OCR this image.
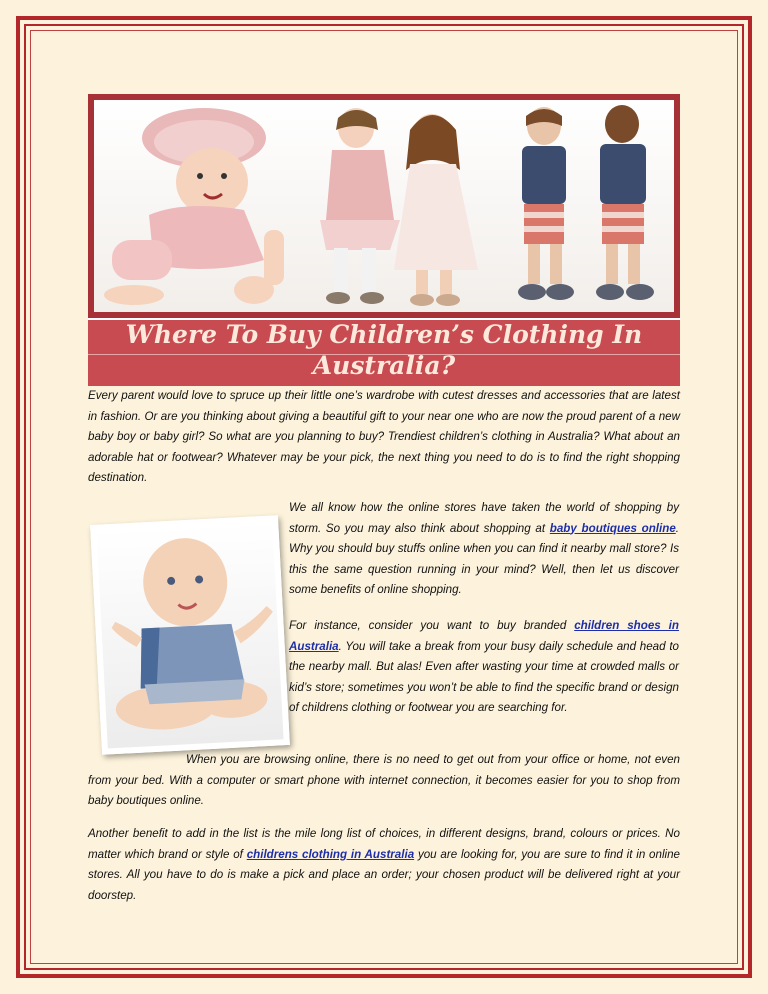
Where To Buy Children’s Clothing In Australia?

Every parent would love to spruce up their little one’s wardrobe with cutest dresses and accessories that are latest in fashion. Or are you thinking about giving a beautiful gift to your near one who are now the proud parent of a new baby boy or baby girl? So what are you planning to buy? Trendiest children’s clothing in Australia? What about an adorable hat or footwear? Whatever may be your pick, the next thing you need to do is to find the right shopping destination.

We all know how the online stores have taken the world of shopping by storm. So you may also think about shopping at baby boutiques online. Why you should buy stuffs online when you can find it nearby mall store? Is this the same question running in your mind? Well, then let us discover some benefits of online shopping.

For instance, consider you want to buy branded children shoes in Australia. You will take a break from your busy daily schedule and head to the nearby mall. But alas! Even after wasting your time at crowded malls or kid’s store; sometimes you won’t be able to find the specific brand or design of childrens clothing or footwear you are searching for.

When you are browsing online, there is no need to get out from your office or home, not even from your bed. With a computer or smart phone with internet connection, it becomes easier for you to shop from baby boutiques online.

Another benefit to add in the list is the mile long list of choices, in different designs, brand, colours or prices. No matter which brand or style of childrens clothing in Australia you are looking for, you are sure to find it in online stores. All you have to do is make a pick and place an order; your chosen product will be delivered right at your doorstep.
